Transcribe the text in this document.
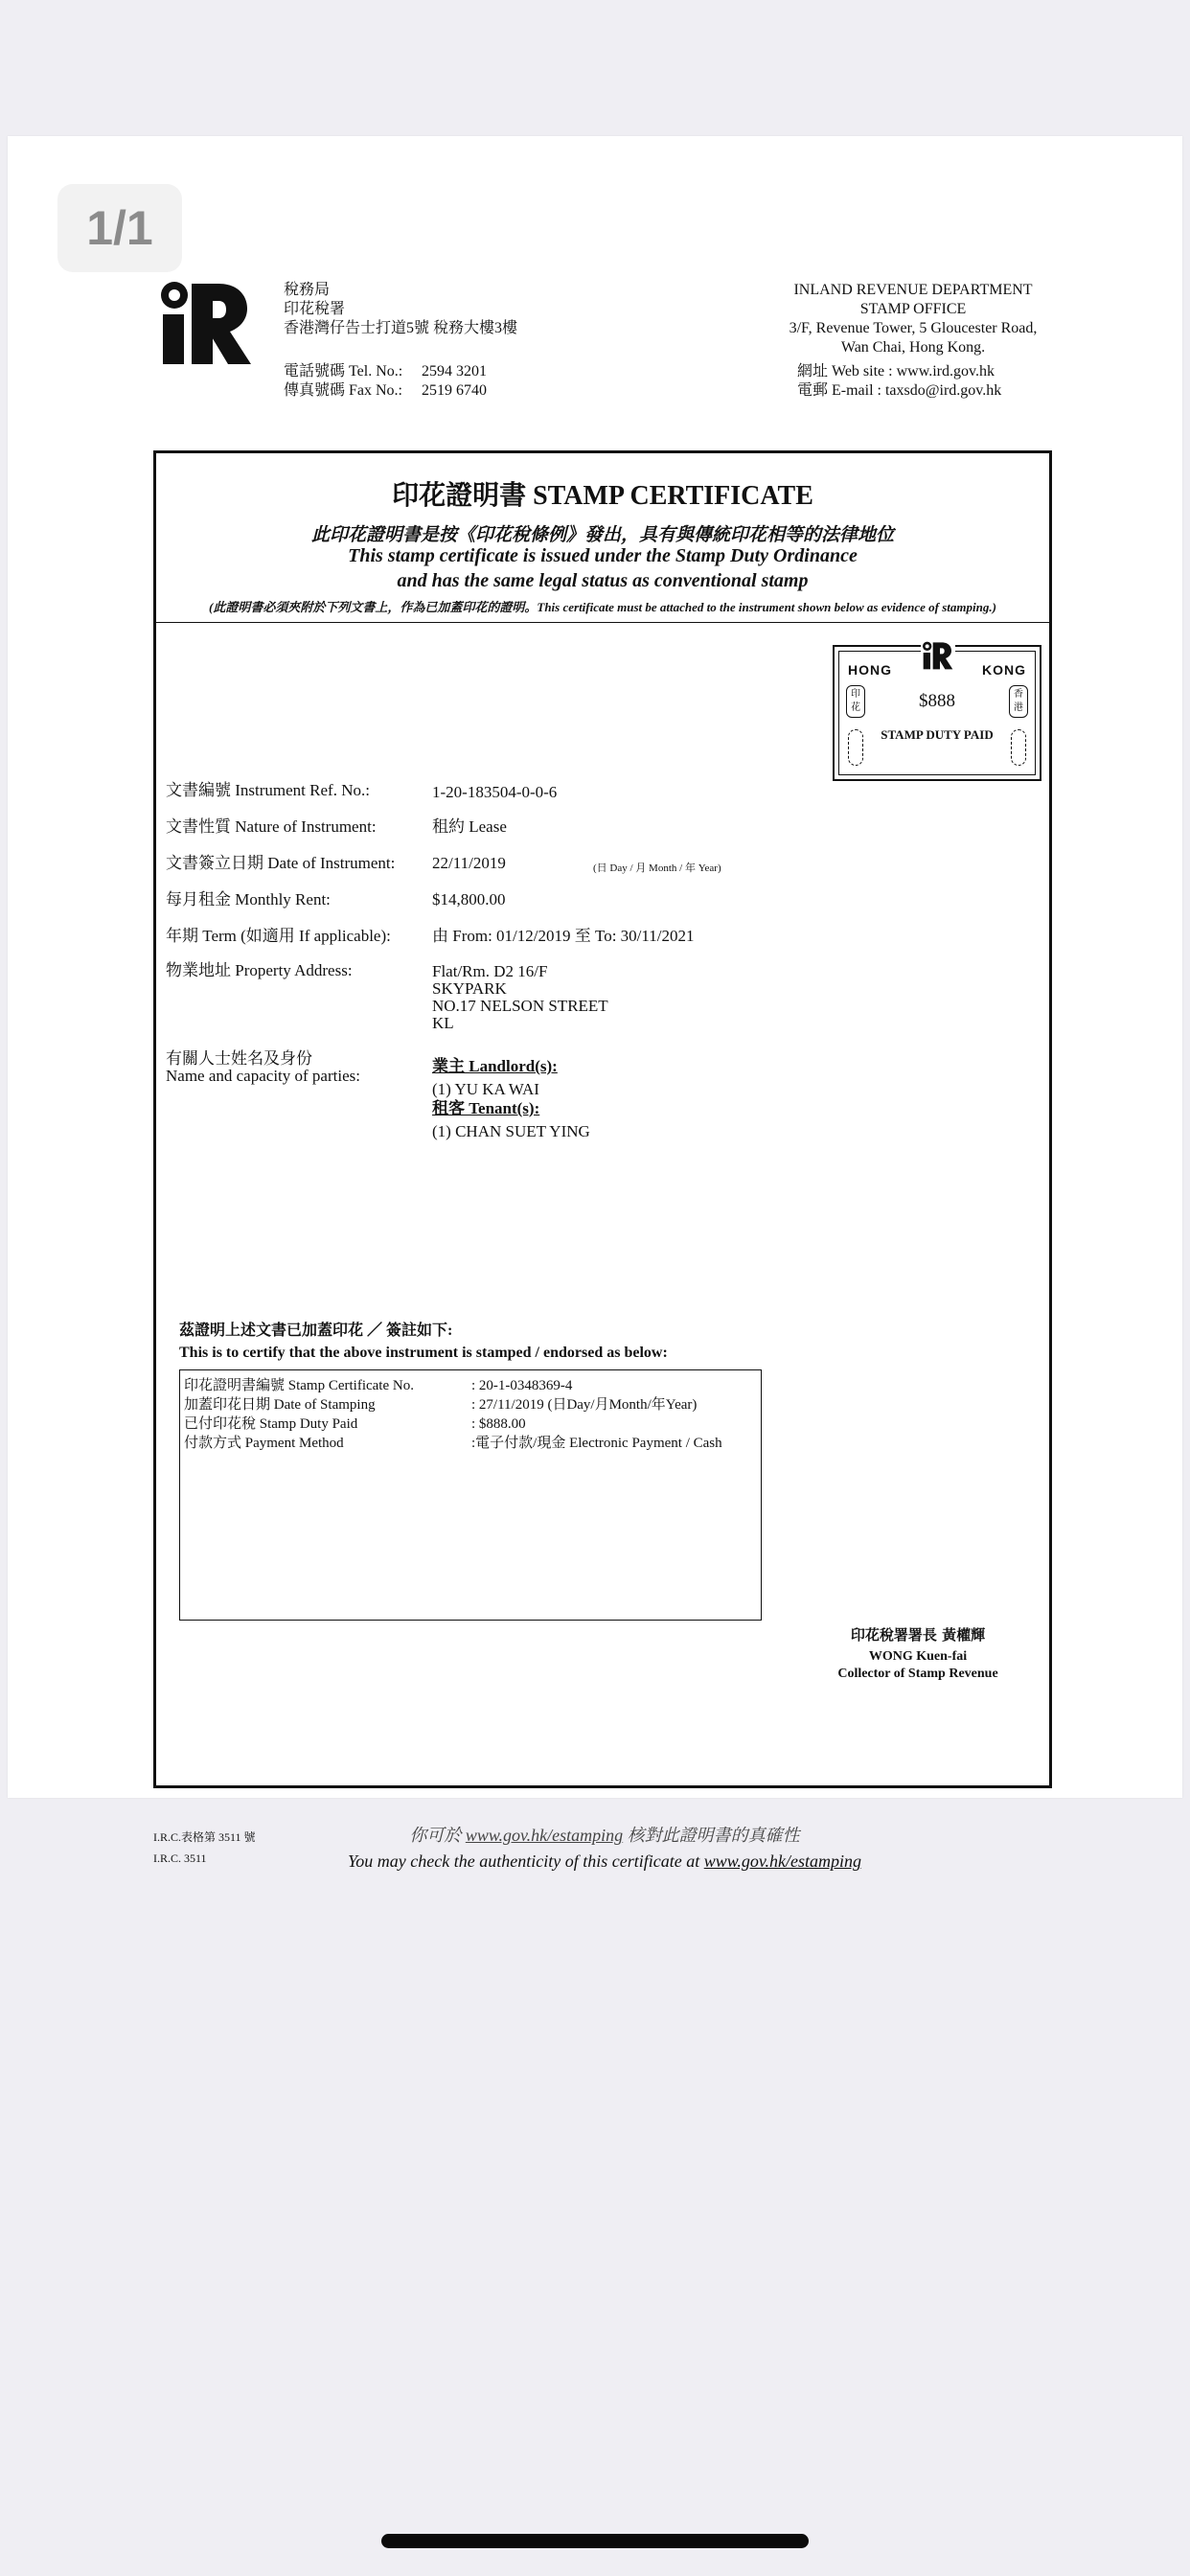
1/1
稅務局
印花稅署
香港灣仔告士打道5號 稅務大樓3樓
電話號碼 Tel. No.: 2594 3201
傳真號碼 Fax No.: 2519 6740
INLAND REVENUE DEPARTMENT
STAMP OFFICE
3/F, Revenue Tower, 5 Gloucester Road,
Wan Chai, Hong Kong.
網址 Web site : www.ird.gov.hk
電郵 E-mail : taxsdo@ird.gov.hk
印花證明書 STAMP CERTIFICATE
此印花證明書是按《印花稅條例》發出，具有與傳統印花相等的法律地位
This stamp certificate is issued under the Stamp Duty Ordinance
and has the same legal status as conventional stamp
(此證明書必須夾附於下列文書上，作為已加蓋印花的證明。This certificate must be attached to the instrument shown below as evidence of stamping.)
文書編號 Instrument Ref. No.:	1-20-183504-0-0-6
文書性質 Nature of Instrument:	租約 Lease
文書簽立日期 Date of Instrument: 22/11/2019	(日 Day / 月 Month / 年 Year)
每月租金 Monthly Rent:	$14,800.00
年期 Term (如適用 If applicable):	由 From: 01/12/2019 至 To: 30/11/2021
物業地址 Property Address:	Flat/Rm. D2 16/F
SKYPARK
NO.17 NELSON STREET
KL
有關人士姓名及身份
Name and capacity of parties:
業主 Landlord(s):
(1) YU KA WAI
租客 Tenant(s):
(1) CHAN SUET YING
HONG	KONG
印花
香港
$888
STAMP DUTY PAID
茲證明上述文書已加蓋印花 ／ 簽註如下:
This is to certify that the above instrument is stamped / endorsed as below:
印花證明書編號 Stamp Certificate No.	: 20-1-0348369-4
加蓋印花日期 Date of Stamping	: 27/11/2019 (日Day/月Month/年Year)
已付印花稅 Stamp Duty Paid	: $888.00
付款方式 Payment Method	:電子付款/現金 Electronic Payment / Cash
印花稅署署長 黃權輝
WONG Kuen-fai
Collector of Stamp Revenue
I.R.C.表格第 3511 號
I.R.C. 3511
你可於 www.gov.hk/estamping 核對此證明書的真確性
You may check the authenticity of this certificate at www.gov.hk/estamping
